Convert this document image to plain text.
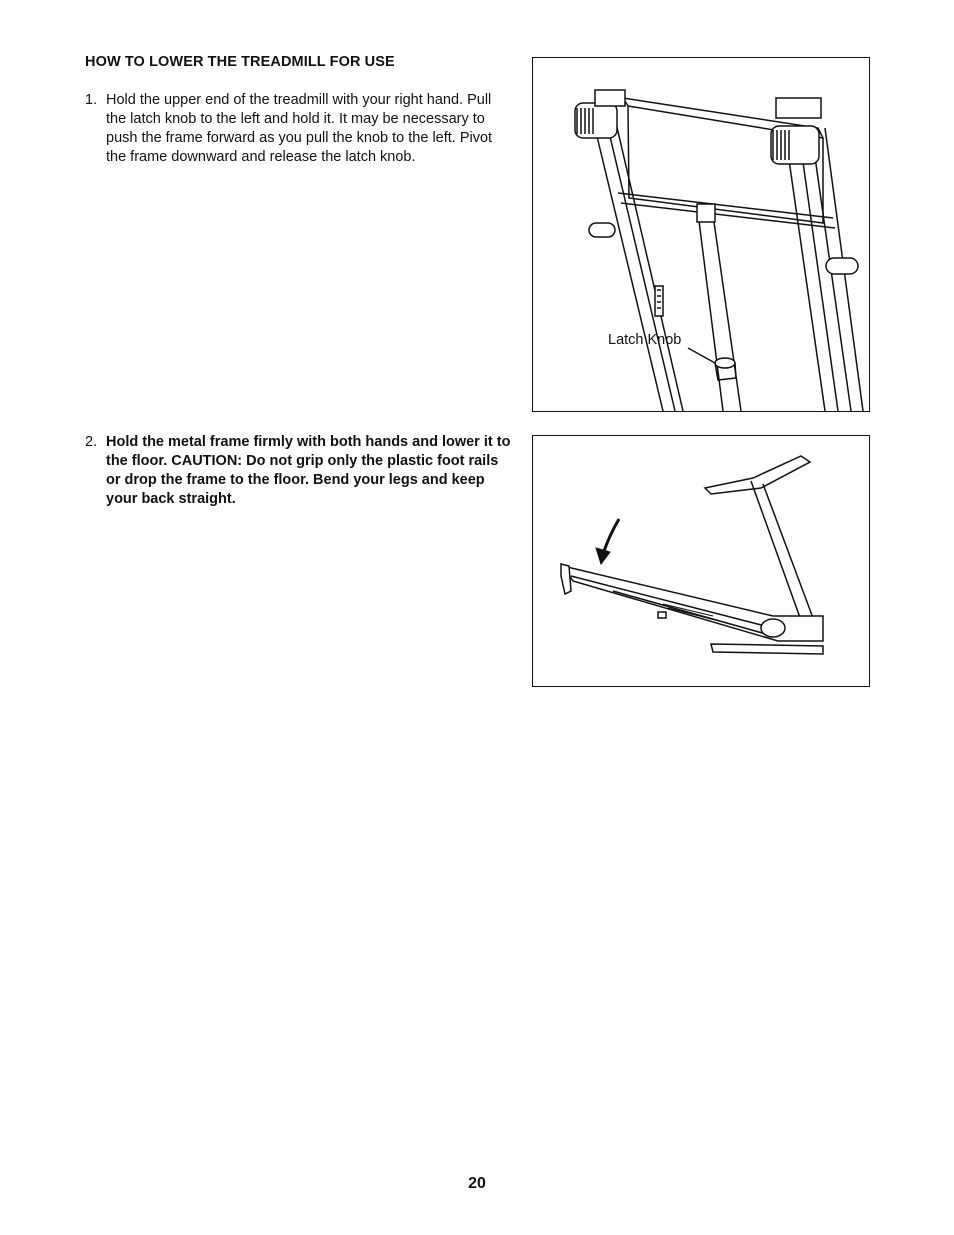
HOW TO LOWER THE TREADMILL FOR USE
1. Hold the upper end of the treadmill with your right hand. Pull the latch knob to the left and hold it. It may be necessary to push the frame forward as you pull the knob to the left. Pivot the frame downward and release the latch knob.
2. Hold the metal frame firmly with both hands and lower it to the floor. CAUTION: Do not grip only the plastic foot rails or drop the frame to the floor. Bend your legs and keep your back straight.
Latch Knob
20
